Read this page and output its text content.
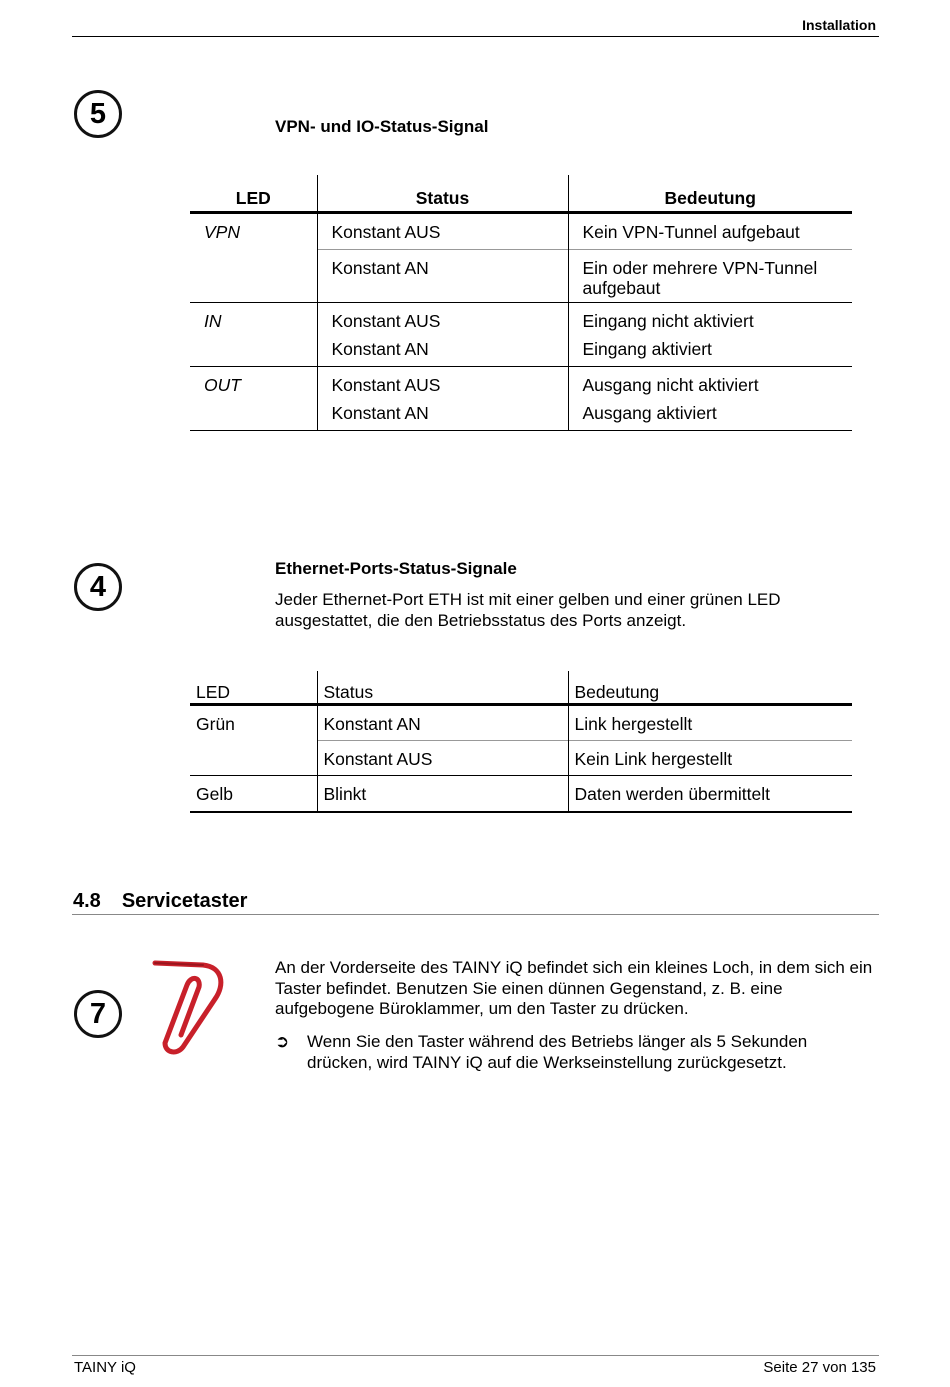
Installation
5	VPN- und IO-Status-Signal
LED	Status	Bedeutung
VPN	Konstant AUS	Kein VPN-Tunnel aufgebaut
	Konstant AN	Ein oder mehrere VPN-Tunnel aufgebaut
IN	Konstant AUS	Eingang nicht aktiviert
	Konstant AN	Eingang aktiviert
OUT	Konstant AUS	Ausgang nicht aktiviert
	Konstant AN	Ausgang aktiviert
4
Ethernet-Ports-Status-Signale
Jeder Ethernet-Port ETH ist mit einer gelben und einer grünen LED ausgestattet, die den Betriebsstatus des Ports anzeigt.
LED	Status	Bedeutung
Grün	Konstant AN	Link hergestellt
	Konstant AUS	Kein Link hergestellt
Gelb	Blinkt	Daten werden übermittelt
4.8 Servicetaster
7
An der Vorderseite des TAINY iQ befindet sich ein kleines Loch, in dem sich ein Taster befindet. Benutzen Sie einen dünnen Gegenstand, z. B. eine aufgebogene Büroklammer, um den Taster zu drücken.
➲ Wenn Sie den Taster während des Betriebs länger als 5 Sekunden drücken, wird TAINY iQ auf die Werkseinstellung zurückgesetzt.
TAINY iQ	Seite 27 von 135
